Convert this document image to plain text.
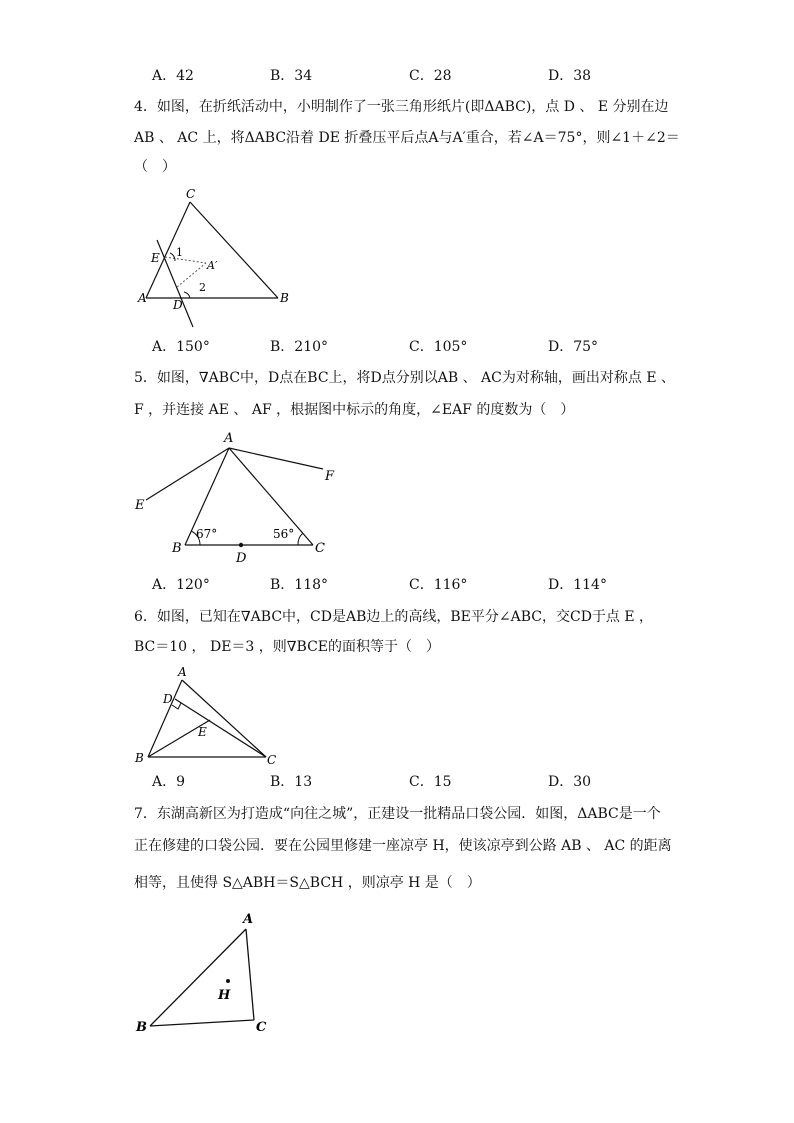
A．42	B．34	C．28	D．38
4．如图，在折纸活动中，小明制作了一张三角形纸片(即ΔABC)，点 D 、 E 分别在边
AB 、 AC 上，将ΔABC沿着 DE 折叠压平后点A与A′重合，若∠A＝75°，则∠1＋∠2＝
（　）
C
E 1
A′
2
A D	B
A．150°	B．210°	C．105°	D．75°
5．如图，∇ABC中，D点在BC上，将D点分别以AB 、 AC为对称轴，画出对称点 E 、
F ，并连接 AE 、 AF ，根据图中标示的角度，∠EAF 的度数为（　）
A
E
F
67°	56°
B
D
C
A．120°	B．118°	C．116°	D．114°
6．如图，已知在∇ABC中，CD是AB边上的高线，BE平分∠ABC，交CD于点 E ，
BC＝10 ， DE＝3 ，则∇BCE的面积等于（　）
A
D
E
B	C
A．9	B．13	C．15	D．30
7．东湖高新区为打造成“向往之城”，正建设一批精品口袋公园．如图，ΔABC是一个
正在修建的口袋公园．要在公园里修建一座凉亭 H，使该凉亭到公路 AB 、 AC 的距离
相等，且使得 S△ABH＝S△BCH ，则凉亭 H 是（　）
A
H
B	C
